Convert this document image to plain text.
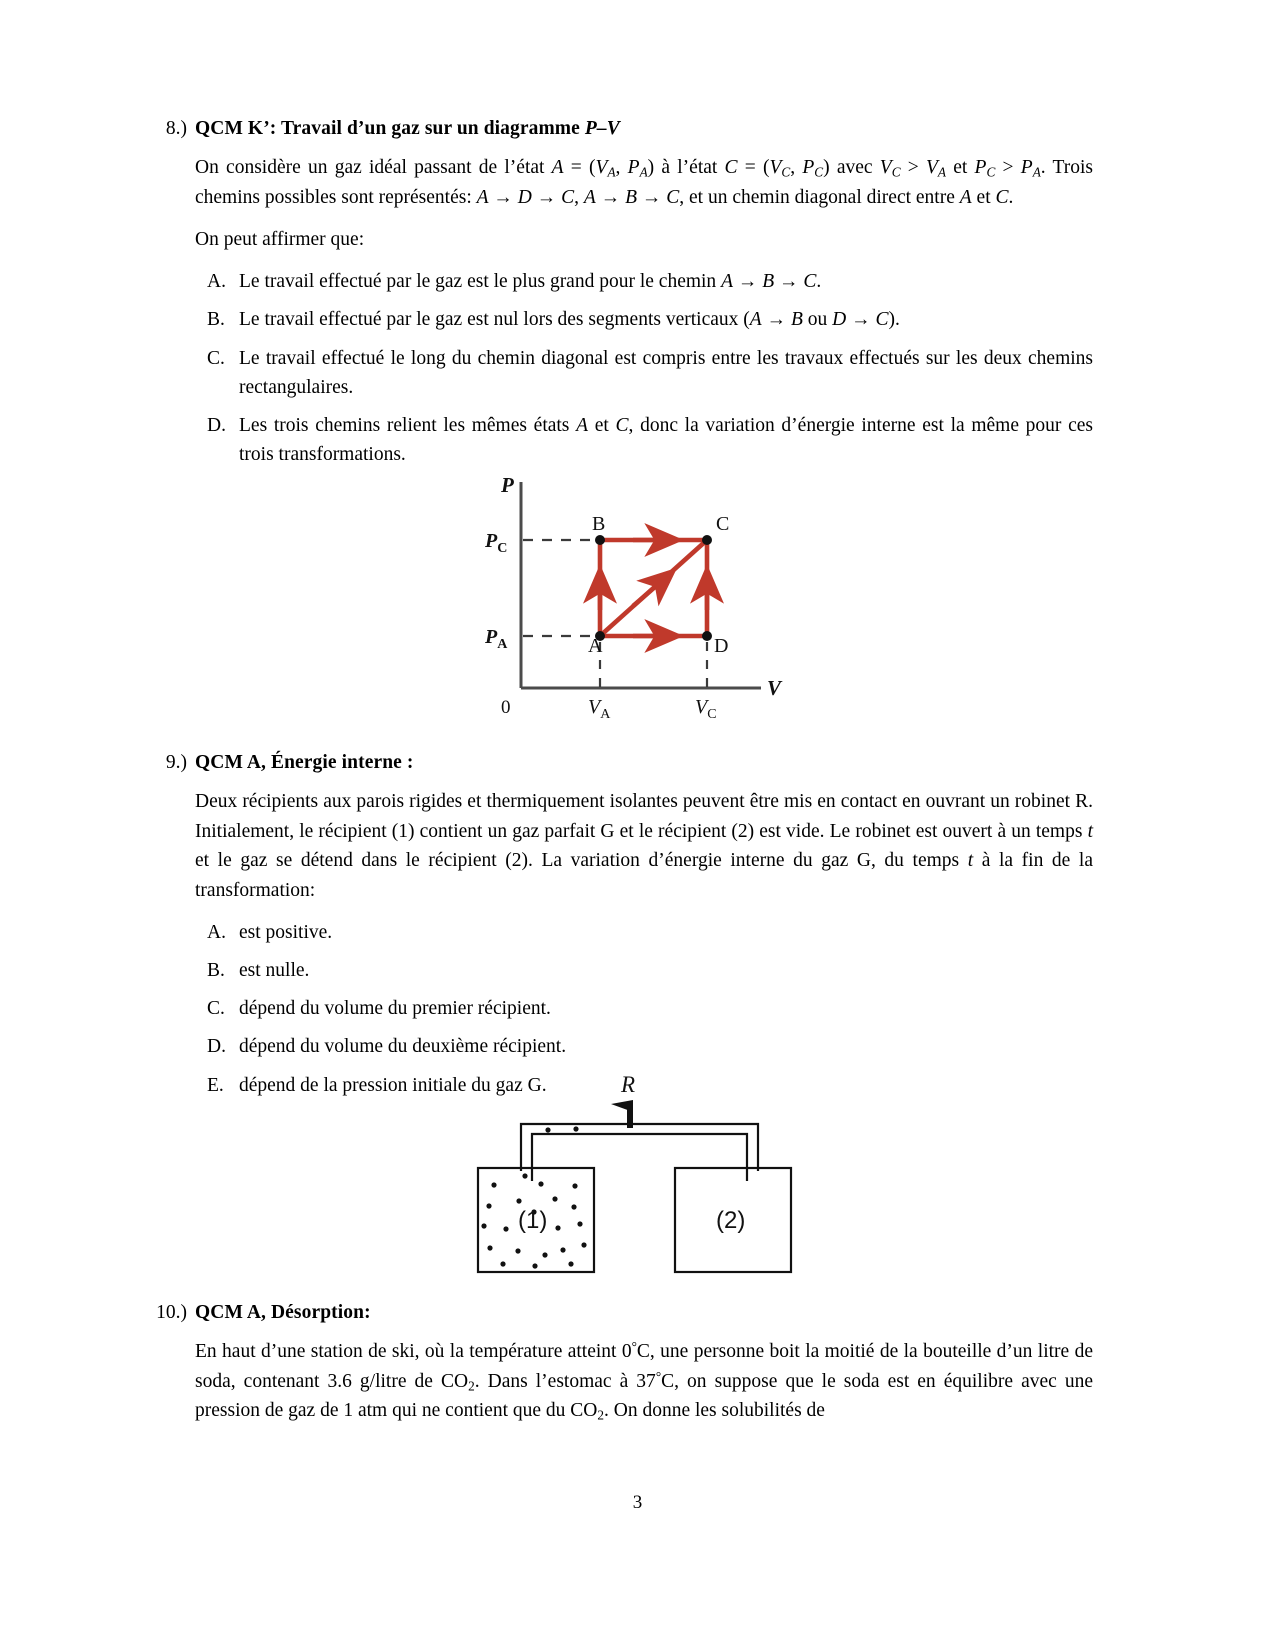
8.) QCM K’: Travail d’un gaz sur un diagramme P–V
On considère un gaz idéal passant de l’état $A = (V_A$, $P_A$) à l’état $C = (V_C$, $P_C$) avec $V_C > V_A$ et $P_C > P_A$. Trois chemins possibles sont représentés: A → D → C, A → B → C, et un chemin diagonal direct entre A et C.
On peut affirmer que:
A. Le travail effectué par le gaz est le plus grand pour le chemin A → B → C.
B. Le travail effectué par le gaz est nul lors des segments verticaux (A → B ou D → C).
C. Le travail effectué le long du chemin diagonal est compris entre les travaux effectués sur les deux chemins rectangulaires.
D. Les trois chemins relient les mêmes états A et C, donc la variation d’énergie interne est la même pour ces trois transformations.
P
V
0
$P_C$
$P_A$
$V_A$	$V_C$
A
B	C
D
9.) QCM A, Énergie interne :
Deux récipients aux parois rigides et thermiquement isolantes peuvent être mis en contact en ouvrant un robinet R. Initialement, le récipient (1) contient un gaz parfait G et le récipient (2) est vide. Le robinet est ouvert à un temps t et le gaz se détend dans le récipient (2). La variation d’énergie interne du gaz G, du temps t à la fin de la transformation:
A. est positive.
B. est nulle.
C. dépend du volume du premier récipient.
D. dépend du volume du deuxième récipient.
E. dépend de la pression initiale du gaz G.	R
(1)	(2)
10.) QCM A, Désorption:
En haut d’une station de ski, où la température atteint 0°C, une personne boit la moitié de la bouteille d’un litre de soda, contenant 3.6 g/litre de $CO_2$. Dans l’estomac à 37°C, on suppose que le soda est en équilibre avec une pression de gaz de 1 atm qui ne contient que du $CO_2$. On donne les solubilités de
3
